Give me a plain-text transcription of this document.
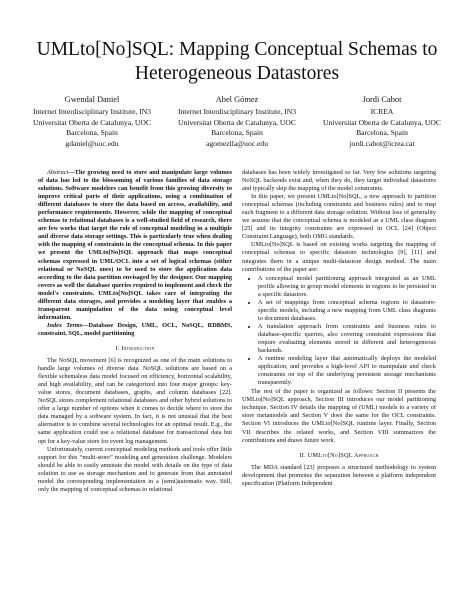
UMLto[No]SQL: Mapping Conceptual Schemas to Heterogeneous Datastores
Gwendal Daniel
Internet Interdisciplinary Institute, IN3
Universitat Oberta de Catalunya, UOC
Barcelona, Spain
gdaniel@uoc.edu
Abel Gómez
Internet Interdisciplinary Institute, IN3
Universitat Oberta de Catalunya, UOC
Barcelona, Spain
agomezlla@uoc.edu
Jordi Cabot
ICREA
Universitat Oberta de Catalunya, UOC
Barcelona, Spain
jordi.cabot@icrea.cat

Abstract—The growing need to store and manipulate large volumes of data has led to the blossoming of various families of data storage solutions. Software modelers can benefit from this growing diversity to improve critical parts of their applications, using a combination of different databases to store the data based on access, availability, and performance requirements. However, while the mapping of conceptual schemas to relational databases is a well-studied field of research, there are few works that target the role of conceptual modeling in a multiple and diverse data storage settings. This is particularly true when dealing with the mapping of constraints in the conceptual schema. In this paper we present the UMLto[No]SQL approach that maps conceptual schemas expressed in UML/OCL into a set of logical schemas (either relational or NoSQL ones) to be used to store the application data according to the data partition envisaged by the designer. Our mapping covers as well the database queries required to implement and check the model's constraints. UMLto[No]SQL takes care of integrating the different data storages, and provides a modeling layer that enables a transparent manipulation of the data using conceptual level information.

Index Terms—Database Design, UML, OCL, NoSQL, RDBMS, constraint, SQL, model partitioning

I. Introduction

The NoSQL movement [6] is recognized as one of the main solutions to handle large volumes of diverse data. NoSQL solutions are based on a flexible schemaless data model focused on efficiency, horizontal scalability, and high availability, and can be categorized into four major groups: key-value stores, document databases, graphs, and column databases [22]. NoSQL stores complement relational databases and other hybrid solutions to offer a large number of options when it comes to decide where to store the data managed by a software system. In fact, it is not unusual that the best alternative is to combine several technologies for an optimal result. E.g., the same application could use a relational database for transactional data but opt for a key-value store for event log management.

Unfortunately, current conceptual modeling methods and tools offer little support for this “multi-store” modeling and generation challenge. Modelers should be able to easily annotate the model with details on the type of data solution to use as storage mechanism and to generate from that annotated model the corresponding implementation in a (semi)automatic way. Still, only the mapping of conceptual schemas to relational

databases has been widely investigated so far. Very few solutions targeting NoSQL backends exist and, when they do, they target individual datastores and typically skip the mapping of the model constraints.

In this paper, we present UMLto[No]SQL, a new approach to partition conceptual schemas (including constraints and business rules) and to map each fragment to a different data storage solution. Without loss of generality we assume that the conceptual schema is modeled as a UML class diagram [25] and its integrity constraints are expressed in OCL [24] (Object Constraint Language), both OMG standards.

UMLto[No]SQL is based on existing works targeting the mapping of conceptual schemas to specific datastore technologies [9], [11] and integrates them in a unique multi-datastore design method. The main contributions of the paper are:

• A conceptual model partitioning approach integrated as an UML profile allowing to group model elements in regions to be persisted in a specific datastore.
• A set of mappings from conceptual schema regions to datastore-specific models, including a new mapping from UML class diagrams to document databases.
• A translation approach from constraints and business rules to database-specific queries, also covering constraint expressions that require evaluating elements stored in different and heterogeneous backends.
• A runtime modeling layer that automatically deploys the modeled application, and provides a high-level API to manipulate and check constraints on top of the underlying persistent storage mechanisms transparently.

The rest of the paper is organized as follows: Section II presents the UMLto[No]SQL approach, Section III introduces our model partitioning technique, Section IV details the mapping of (UML) models to a variety of store metamodels and Section V does the same for the OCL constraints. Section VI introduces the UMLto[No]SQL runtime layer. Finally, Section VII describes the related works, and Section VIII summarizes the contributions and draws future work.

II. UMLto[No]SQL Approach

The MDA standard [23] proposes a structured methodology to system development that promotes the separation between a platform independent specification (Platform Independent
